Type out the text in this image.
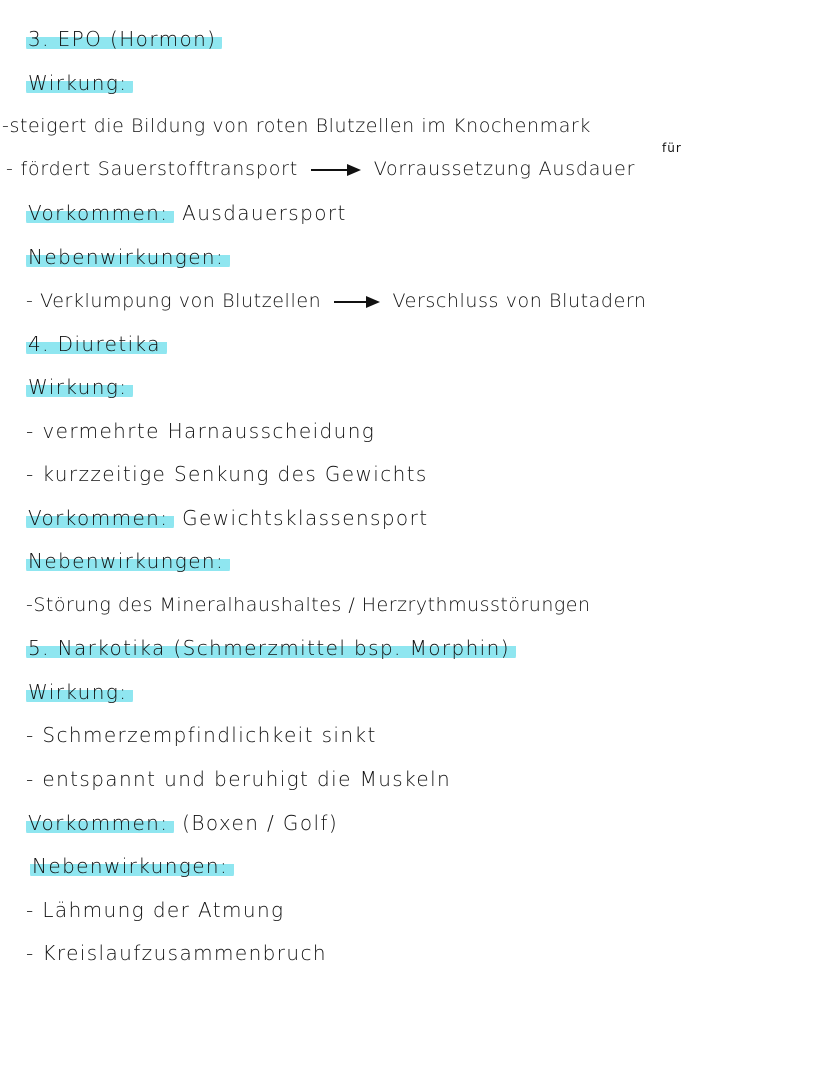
3. EPO (Hormon)
Wirkung:
-steigert die Bildung von roten Blutzellen im Knochenmark
- fördert Sauerstofftransport	Vorraussetzung Ausdauer
für
Vorkommen: Ausdauersport
Nebenwirkungen:
- Verklumpung von Blutzellen	Verschluss von Blutadern
4. Diuretika
Wirkung:
- vermehrte Harnausscheidung
- kurzzeitige Senkung des Gewichts
Vorkommen: Gewichtsklassensport
Nebenwirkungen:
-Störung des Mineralhaushaltes / Herzrythmusstörungen
5. Narkotika (Schmerzmittel bsp. Morphin)
Wirkung:
- Schmerzempfindlichkeit sinkt
- entspannt und beruhigt die Muskeln
Vorkommen: (Boxen / Golf)
Nebenwirkungen:
- Lähmung der Atmung
- Kreislaufzusammenbruch
